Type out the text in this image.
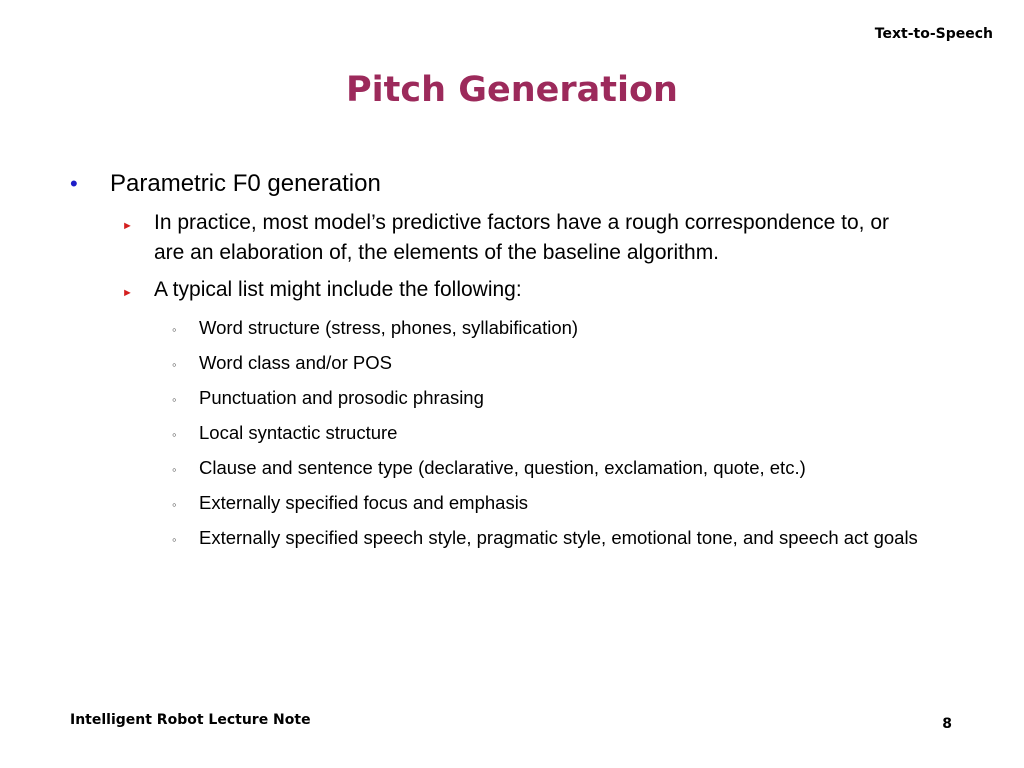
Text-to-Speech
Pitch Generation
•	Parametric F0 generation
►	In practice, most model’s predictive factors have a rough correspondence to, or are an elaboration of, the elements of the baseline algorithm.
►	A typical list might include the following:
◦	Word structure (stress, phones, syllabification)
◦	Word class and/or POS
◦	Punctuation and prosodic phrasing
◦	Local syntactic structure
◦	Clause and sentence type (declarative, question, exclamation, quote, etc.)
◦	Externally specified focus and emphasis
◦	Externally specified speech style, pragmatic style, emotional tone, and speech act goals
Intelligent Robot Lecture Note	8
